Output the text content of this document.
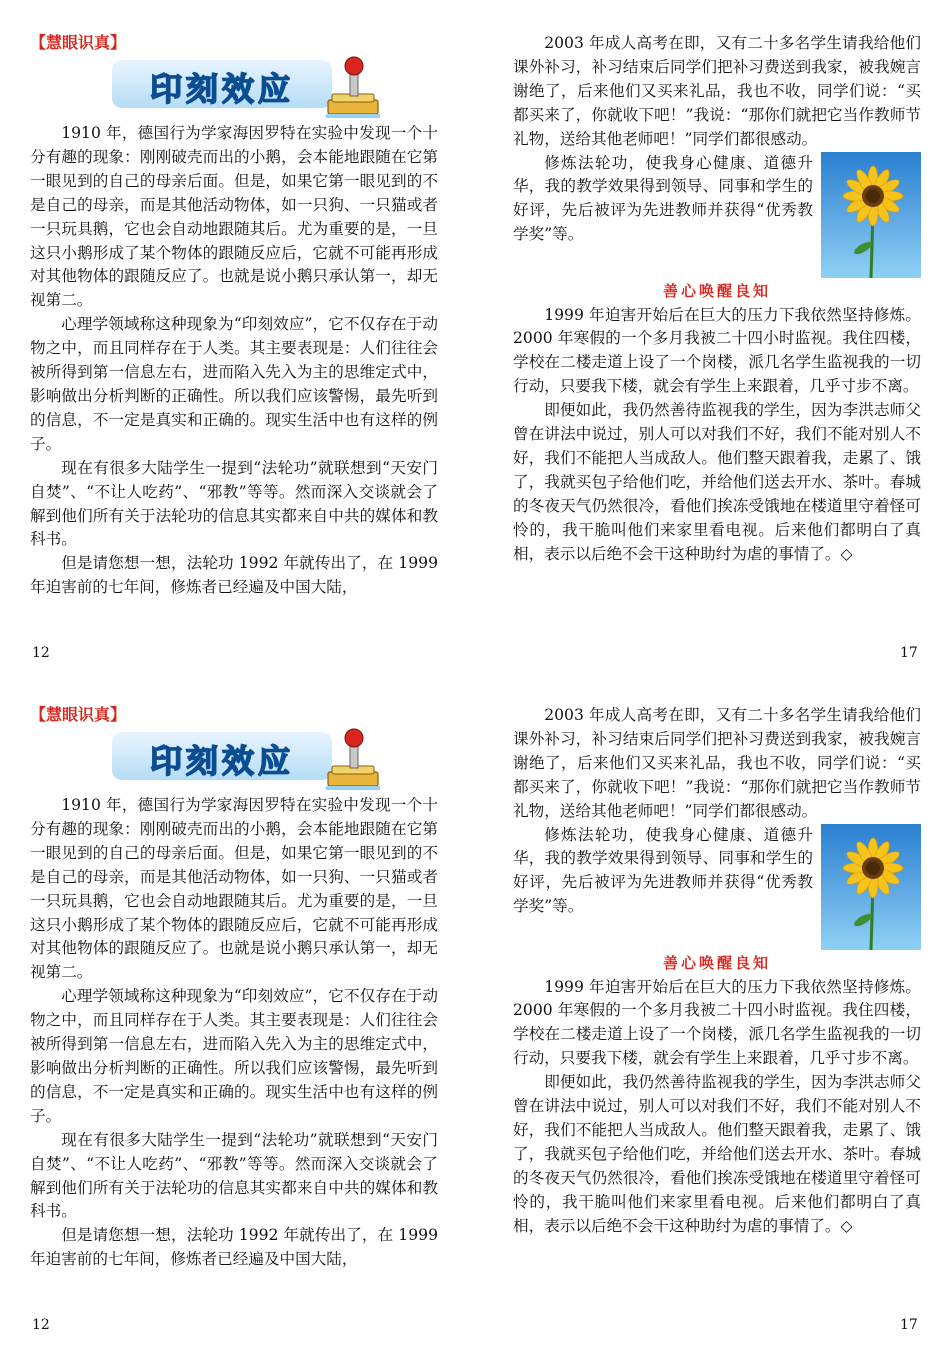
【慧眼识真】

印刻效应

1910 年，德国行为学家海因罗特在实验中发现一个十分有趣的现象：刚刚破壳而出的小鹅，会本能地跟随在它第一眼见到的自己的母亲后面。但是，如果它第一眼见到的不是自己的母亲，而是其他活动物体，如一只狗、一只猫或者一只玩具鹅，它也会自动地跟随其后。尤为重要的是，一旦这只小鹅形成了某个物体的跟随反应后，它就不可能再形成对其他物体的跟随反应了。也就是说小鹅只承认第一，却无视第二。

心理学领域称这种现象为“印刻效应”，它不仅存在于动物之中，而且同样存在于人类。其主要表现是：人们往往会被所得到第一信息左右，进而陷入先入为主的思维定式中，影响做出分析判断的正确性。所以我们应该警惕，最先听到的信息，不一定是真实和正确的。现实生活中也有这样的例子。

现在有很多大陆学生一提到“法轮功”就联想到“天安门自焚”、“不让人吃药”、“邪教”等等。然而深入交谈就会了解到他们所有关于法轮功的信息其实都来自中共的媒体和教科书。

但是请您想一想，法轮功 1992 年就传出了，在 1999 年迫害前的七年间，修炼者已经遍及中国大陆，

2003 年成人高考在即，又有二十多名学生请我给他们课外补习，补习结束后同学们把补习费送到我家，被我婉言谢绝了，后来他们又买来礼品，我也不收，同学们说：“买都买来了，你就收下吧！”我说：“那你们就把它当作教师节礼物，送给其他老师吧！”同学们都很感动。

修炼法轮功，使我身心健康、道德升华，我的教学效果得到领导、同事和学生的好评，先后被评为先进教师并获得“优秀教学奖”等。

善心唤醒良知

1999 年迫害开始后在巨大的压力下我依然坚持修炼。2000 年寒假的一个多月我被二十四小时监视。我住四楼，学校在二楼走道上设了一个岗楼，派几名学生监视我的一切行动，只要我下楼，就会有学生上来跟着，几乎寸步不离。

即便如此，我仍然善待监视我的学生，因为李洪志师父曾在讲法中说过，别人可以对我们不好，我们不能对别人不好，我们不能把人当成敌人。他们整天跟着我，走累了、饿了，我就买包子给他们吃，并给他们送去开水、茶叶。春城的冬夜天气仍然很冷，看他们挨冻受饿地在楼道里守着怪可怜的，我干脆叫他们来家里看电视。后来他们都明白了真相，表示以后绝不会干这种助纣为虐的事情了。◇

12	17

【慧眼识真】

印刻效应

1910 年，德国行为学家海因罗特在实验中发现一个十分有趣的现象：刚刚破壳而出的小鹅，会本能地跟随在它第一眼见到的自己的母亲后面。但是，如果它第一眼见到的不是自己的母亲，而是其他活动物体，如一只狗、一只猫或者一只玩具鹅，它也会自动地跟随其后。尤为重要的是，一旦这只小鹅形成了某个物体的跟随反应后，它就不可能再形成对其他物体的跟随反应了。也就是说小鹅只承认第一，却无视第二。

心理学领域称这种现象为“印刻效应”，它不仅存在于动物之中，而且同样存在于人类。其主要表现是：人们往往会被所得到第一信息左右，进而陷入先入为主的思维定式中，影响做出分析判断的正确性。所以我们应该警惕，最先听到的信息，不一定是真实和正确的。现实生活中也有这样的例子。

现在有很多大陆学生一提到“法轮功”就联想到“天安门自焚”、“不让人吃药”、“邪教”等等。然而深入交谈就会了解到他们所有关于法轮功的信息其实都来自中共的媒体和教科书。

但是请您想一想，法轮功 1992 年就传出了，在 1999 年迫害前的七年间，修炼者已经遍及中国大陆，

2003 年成人高考在即，又有二十多名学生请我给他们课外补习，补习结束后同学们把补习费送到我家，被我婉言谢绝了，后来他们又买来礼品，我也不收，同学们说：“买都买来了，你就收下吧！”我说：“那你们就把它当作教师节礼物，送给其他老师吧！”同学们都很感动。

修炼法轮功，使我身心健康、道德升华，我的教学效果得到领导、同事和学生的好评，先后被评为先进教师并获得“优秀教学奖”等。

善心唤醒良知

1999 年迫害开始后在巨大的压力下我依然坚持修炼。2000 年寒假的一个多月我被二十四小时监视。我住四楼，学校在二楼走道上设了一个岗楼，派几名学生监视我的一切行动，只要我下楼，就会有学生上来跟着，几乎寸步不离。

即便如此，我仍然善待监视我的学生，因为李洪志师父曾在讲法中说过，别人可以对我们不好，我们不能对别人不好，我们不能把人当成敌人。他们整天跟着我，走累了、饿了，我就买包子给他们吃，并给他们送去开水、茶叶。春城的冬夜天气仍然很冷，看他们挨冻受饿地在楼道里守着怪可怜的，我干脆叫他们来家里看电视。后来他们都明白了真相，表示以后绝不会干这种助纣为虐的事情了。◇

12	17
